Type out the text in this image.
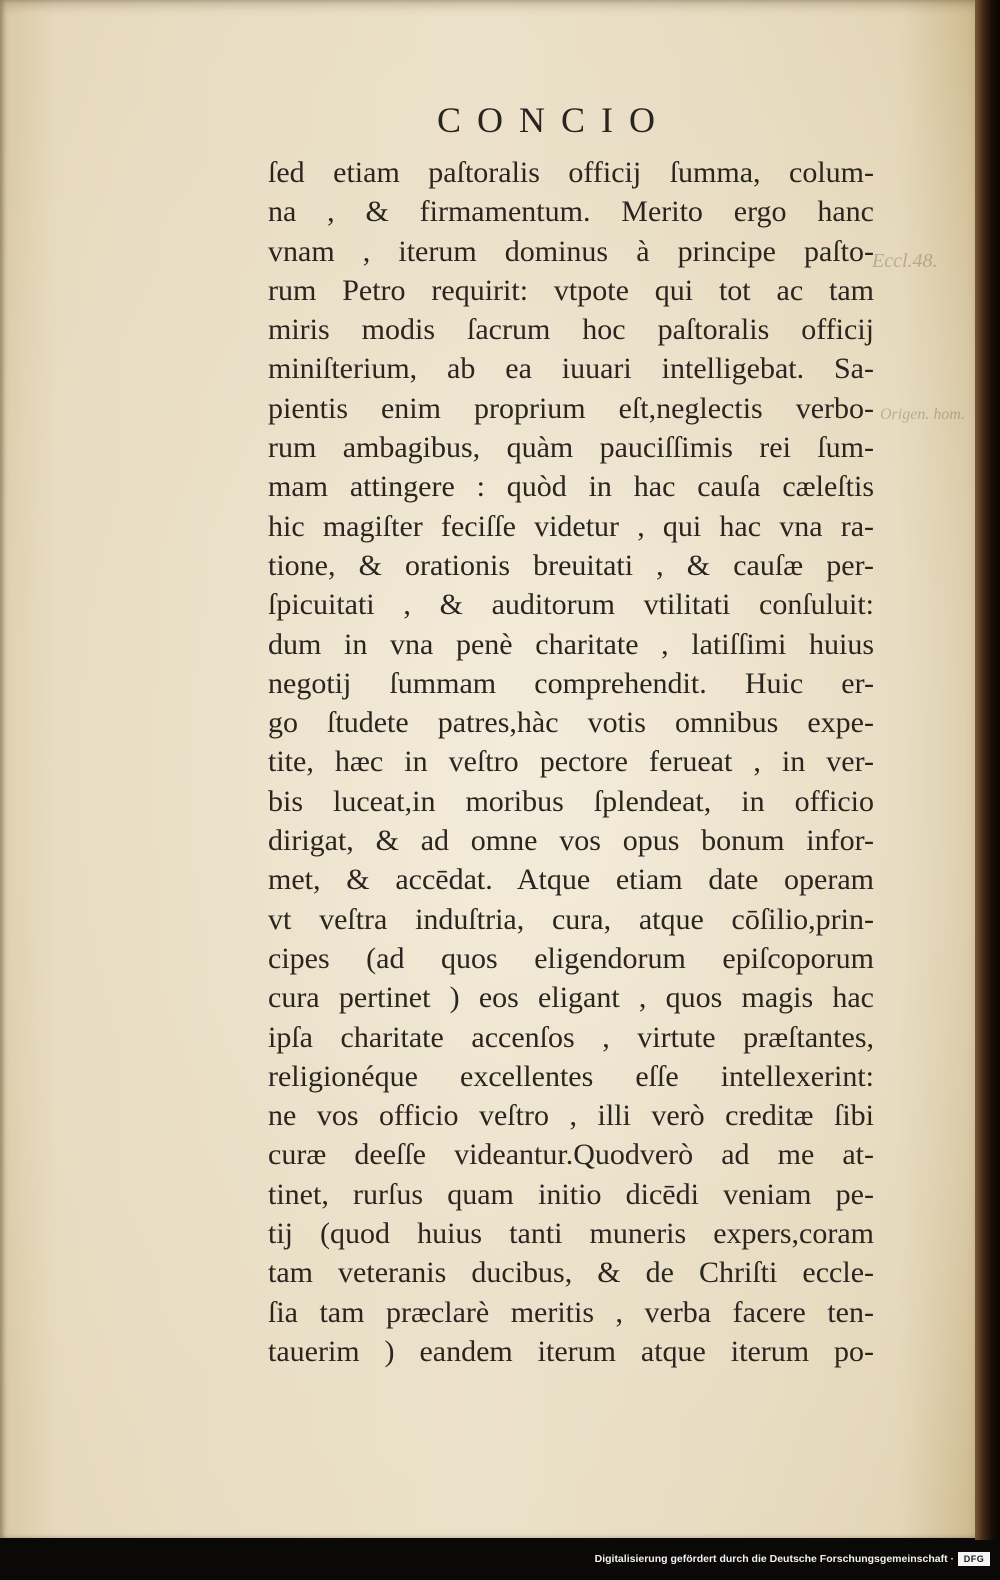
CONCIO
Eccl.48.
Origen. hom.
ſed etiam paſtoralis officij ſumma, colum-
na , & firmamentum. Merito ergo hanc
vnam , iterum dominus à principe paſto-
rum Petro requirit: vtpote qui tot ac tam
miris modis ſacrum hoc paſtoralis officij
miniſterium, ab ea iuuari intelligebat. Sa-
pientis enim proprium eſt,neglectis verbo-
rum ambagibus, quàm pauciſſimis rei ſum-
mam attingere : quòd in hac cauſa cæleſtis
hic magiſter feciſſe videtur , qui hac vna ra-
tione, & orationis breuitati , & cauſæ per-
ſpicuitati , & auditorum vtilitati conſuluit:
dum in vna penè charitate , latiſſimi huius
negotij ſummam comprehendit. Huic er-
go ſtudete patres,hàc votis omnibus expe-
tite, hæc in veſtro pectore ferueat , in ver-
bis luceat,in moribus ſplendeat, in officio
dirigat, & ad omne vos opus bonum infor-
met, & accēdat. Atque etiam date operam
vt veſtra induſtria, cura, atque cōſilio,prin-
cipes (ad quos eligendorum epiſcoporum
cura pertinet ) eos eligant , quos magis hac
ipſa charitate accenſos , virtute præſtantes,
religionéque excellentes eſſe intellexerint:
ne vos officio veſtro , illi verò creditæ ſibi
curæ deeſſe videantur.Quodverò ad me at-
tinet, rurſus quam initio dicēdi veniam pe-
tij (quod huius tanti muneris expers,coram
tam veteranis ducibus, & de Chriſti eccle-
ſia tam præclarè meritis , verba facere ten-
tauerim ) eandem iterum atque iterum po-
Digitalisierung gefördert durch die Deutsche Forschungsgemeinschaft ·	DFG
